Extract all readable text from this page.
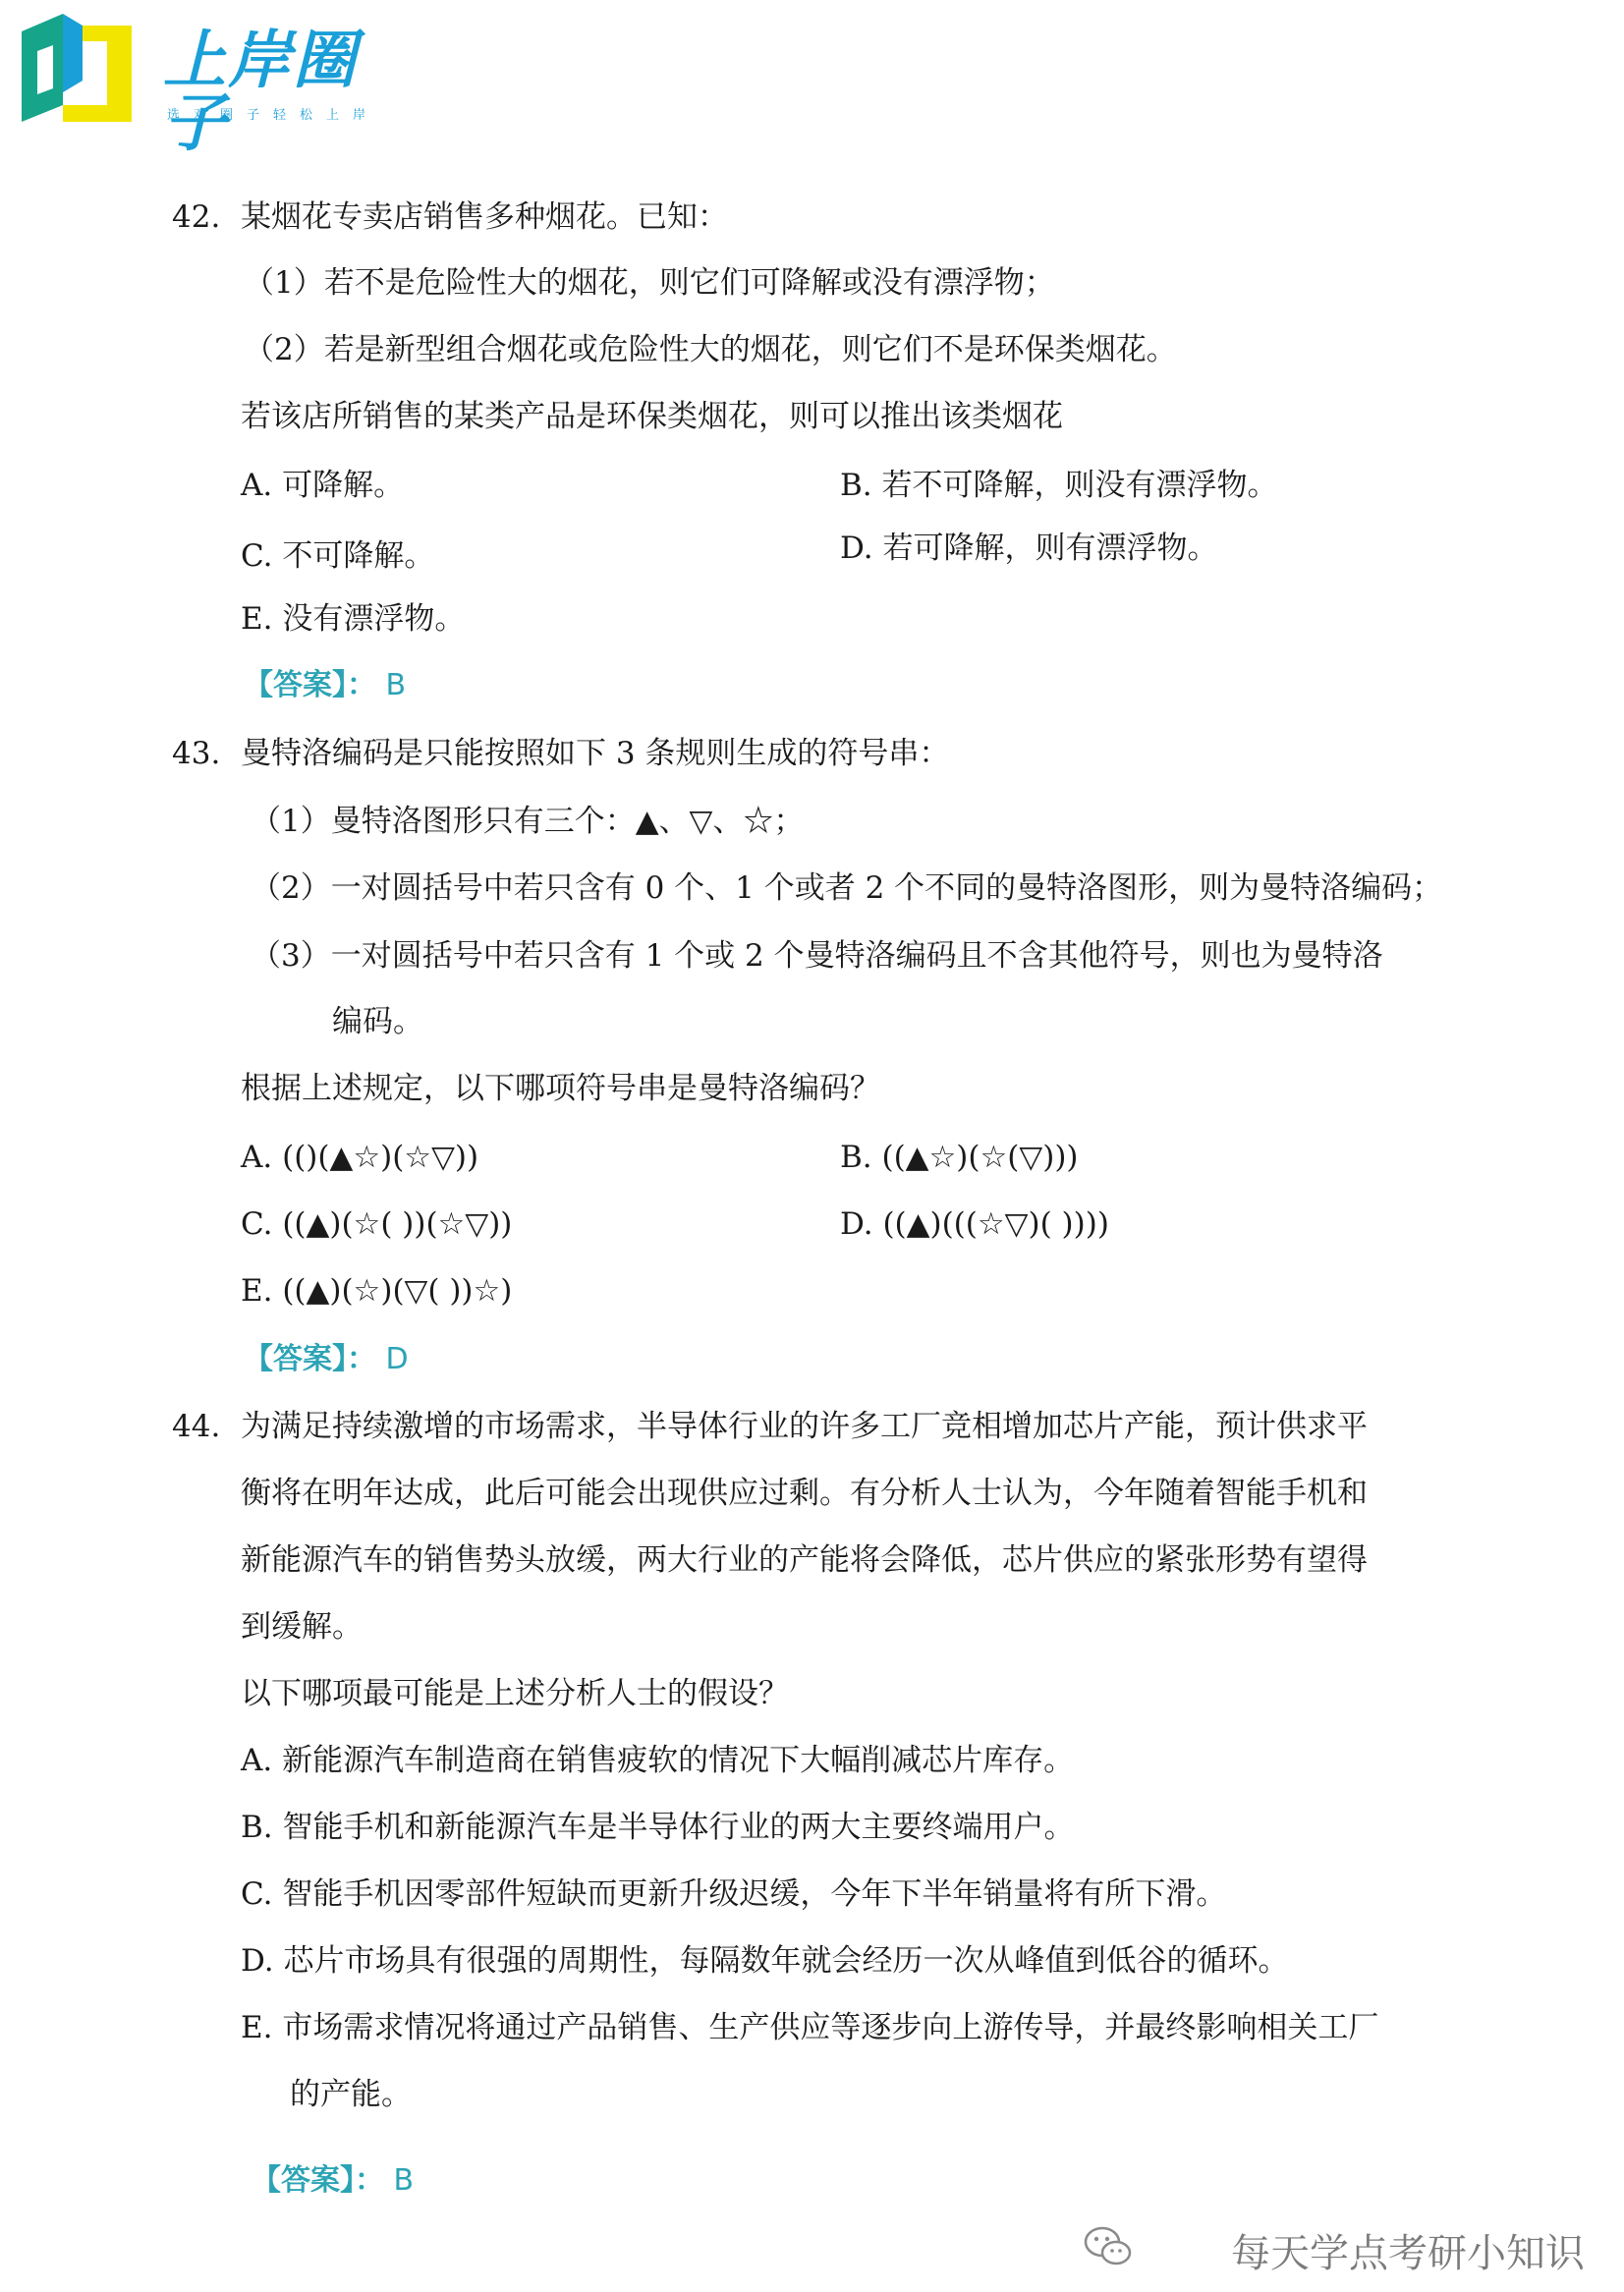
上岸圈子
选对圈子轻松上岸
42. 某烟花专卖店销售多种烟花。已知：
（1）若不是危险性大的烟花，则它们可降解或没有漂浮物；
（2）若是新型组合烟花或危险性大的烟花，则它们不是环保类烟花。
若该店所销售的某类产品是环保类烟花，则可以推出该类烟花
A. 可降解。	B. 若不可降解，则没有漂浮物。
C. 不可降解。	D. 若可降解，则有漂浮物。
E. 没有漂浮物。
【答案】： B
43. 曼特洛编码是只能按照如下 3 条规则生成的符号串：
（1）曼特洛图形只有三个：▲、▽、☆；
（2）一对圆括号中若只含有 0 个、1 个或者 2 个不同的曼特洛图形，则为曼特洛编码；
（3）一对圆括号中若只含有 1 个或 2 个曼特洛编码且不含其他符号，则也为曼特洛
编码。
根据上述规定，以下哪项符号串是曼特洛编码？
A. (()(▲☆)(☆▽))	B. ((▲☆)(☆(▽)))
C. ((▲)(☆( ))(☆▽))	D. ((▲)(((☆▽)( ))))
E. ((▲)(☆)(▽( ))☆)
【答案】： D
44. 为满足持续激增的市场需求，半导体行业的许多工厂竞相增加芯片产能，预计供求平
衡将在明年达成，此后可能会出现供应过剩。有分析人士认为，今年随着智能手机和
新能源汽车的销售势头放缓，两大行业的产能将会降低，芯片供应的紧张形势有望得
到缓解。
以下哪项最可能是上述分析人士的假设？
A. 新能源汽车制造商在销售疲软的情况下大幅削减芯片库存。
B. 智能手机和新能源汽车是半导体行业的两大主要终端用户。
C. 智能手机因零部件短缺而更新升级迟缓，今年下半年销量将有所下滑。
D. 芯片市场具有很强的周期性，每隔数年就会经历一次从峰值到低谷的循环。
E. 市场需求情况将通过产品销售、生产供应等逐步向上游传导，并最终影响相关工厂
的产能。
【答案】： B
每天学点考研小知识
